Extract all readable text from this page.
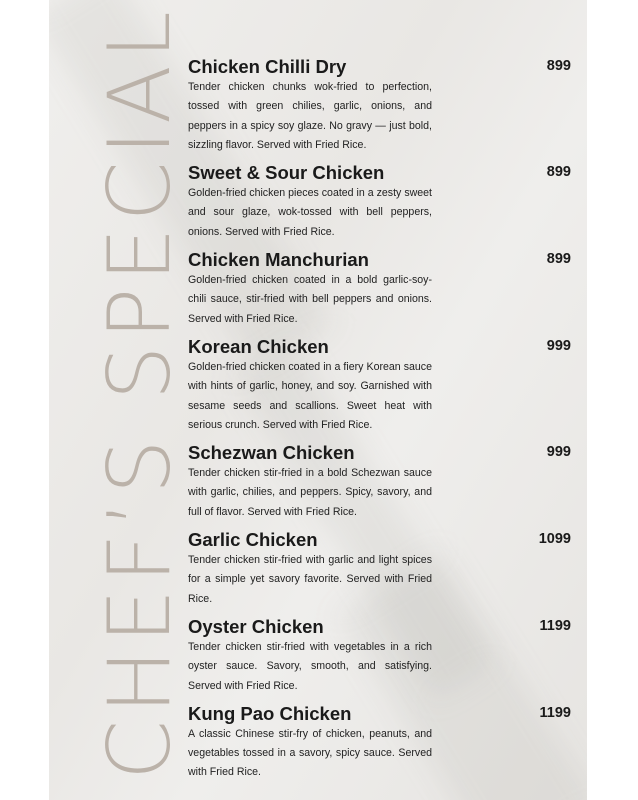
CHEF’S SPECIAL
Chicken Chilli Dry	899

Tender chicken chunks wok-fried to perfection, tossed with green chilies, garlic, onions, and peppers in a spicy soy glaze. No gravy — just bold, sizzling flavor. Served with Fried Rice.

Sweet & Sour Chicken	899

Golden-fried chicken pieces coated in a zesty sweet and sour glaze, wok-tossed with bell peppers, onions. Served with Fried Rice.

Chicken Manchurian	899

Golden-fried chicken coated in a bold garlic-soy-chili sauce, stir-fried with bell peppers and onions. Served with Fried Rice.

Korean Chicken	999

Golden-fried chicken coated in a fiery Korean sauce with hints of garlic, honey, and soy. Garnished with sesame seeds and scallions. Sweet heat with serious crunch. Served with Fried Rice.

Schezwan Chicken	999

Tender chicken stir-fried in a bold Schezwan sauce with garlic, chilies, and peppers. Spicy, savory, and full of flavor. Served with Fried Rice.

Garlic Chicken	1099

Tender chicken stir-fried with garlic and light spices for a simple yet savory favorite. Served with Fried Rice.

Oyster Chicken	1199

Tender chicken stir-fried with vegetables in a rich oyster sauce. Savory, smooth, and satisfying. Served with Fried Rice.

Kung Pao Chicken	1199

A classic Chinese stir-fry of chicken, peanuts, and vegetables tossed in a savory, spicy sauce. Served with Fried Rice.
